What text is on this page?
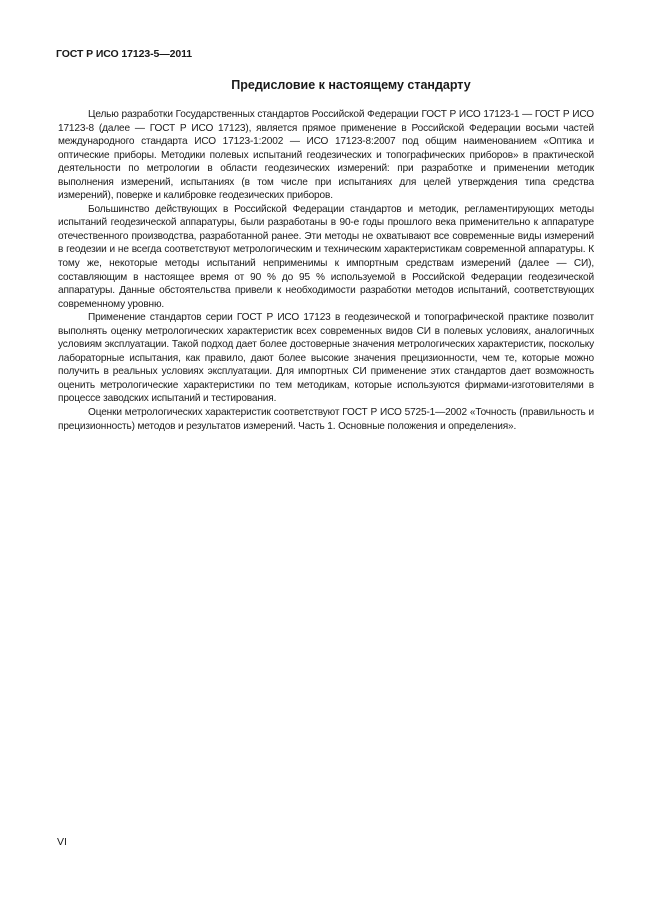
ГОСТ Р ИСО 17123-5—2011
Предисловие к настоящему стандарту

Целью разработки Государственных стандартов Российской Федерации ГОСТ Р ИСО 17123-1 — ГОСТ Р ИСО 17123-8 (далее — ГОСТ Р ИСО 17123), является прямое применение в Российской Федерации восьми частей международного стандарта ИСО 17123-1:2002 — ИСО 17123-8:2007 под общим наименованием «Оптика и оптические приборы. Методики полевых испытаний геодезических и топографических приборов» в практической деятельности по метрологии в области геодезических измерений: при разработке и применении методик выполнения измерений, испытаниях (в том числе при испытаниях для целей утверждения типа средства измерений), поверке и калибровке геодезических приборов.

Большинство действующих в Российской Федерации стандартов и методик, регламентирующих методы испытаний геодезической аппаратуры, были разработаны в 90-е годы прошлого века применительно к аппаратуре отечественного производства, разработанной ранее. Эти методы не охватывают все современные виды измерений в геодезии и не всегда соответствуют метрологическим и техническим характеристикам современной аппаратуры. К тому же, некоторые методы испытаний неприменимы к импортным средствам измерений (далее — СИ), составляющим в настоящее время от 90 % до 95 % используемой в Российской Федерации геодезической аппаратуры. Данные обстоятельства привели к необходимости разработки методов испытаний, соответствующих современному уровню.

Применение стандартов серии ГОСТ Р ИСО 17123 в геодезической и топографической практике позволит выполнять оценку метрологических характеристик всех современных видов СИ в полевых условиях, аналогичных условиям эксплуатации. Такой подход дает более достоверные значения метрологических характеристик, поскольку лабораторные испытания, как правило, дают более высокие значения прецизионности, чем те, которые можно получить в реальных условиях эксплуатации. Для импортных СИ применение этих стандартов дает возможность оценить метрологические характеристики по тем методикам, которые используются фирмами-изготовителями в процессе заводских испытаний и тестирования.

Оценки метрологических характеристик соответствуют ГОСТ Р ИСО 5725-1—2002 «Точность (правильность и прецизионность) методов и результатов измерений. Часть 1. Основные положения и определения».

VI
